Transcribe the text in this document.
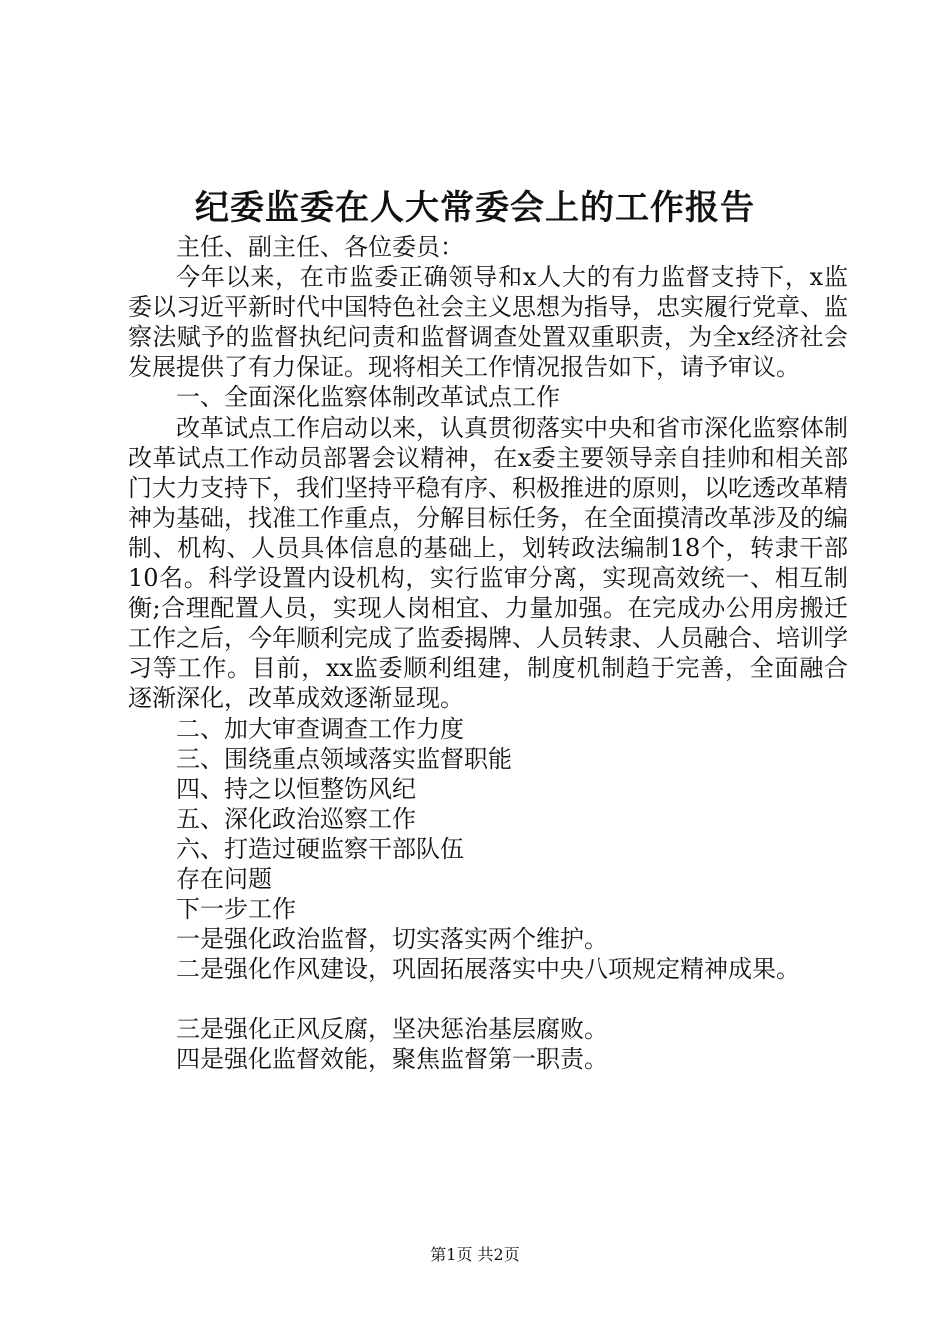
纪委监委在人大常委会上的工作报告

主任、副主任、各位委员：

今年以来，在市监委正确领导和x人大的有力监督支持下，x监委以习近平新时代中国特色社会主义思想为指导，忠实履行党章、监察法赋予的监督执纪问责和监督调查处置双重职责，为全x经济社会发展提供了有力保证。现将相关工作情况报告如下，请予审议。

一、全面深化监察体制改革试点工作

改革试点工作启动以来，认真贯彻落实中央和省市深化监察体制改革试点工作动员部署会议精神，在x委主要领导亲自挂帅和相关部门大力支持下，我们坚持平稳有序、积极推进的原则，以吃透改革精神为基础，找准工作重点，分解目标任务，在全面摸清改革涉及的编制、机构、人员具体信息的基础上，划转政法编制18个，转隶干部10名。科学设置内设机构，实行监审分离，实现高效统一、相互制衡;合理配置人员，实现人岗相宜、力量加强。在完成办公用房搬迁工作之后，今年顺利完成了监委揭牌、人员转隶、人员融合、培训学习等工作。目前，xx监委顺利组建，制度机制趋于完善，全面融合逐渐深化，改革成效逐渐显现。

二、加大审查调查工作力度

三、围绕重点领域落实监督职能

四、持之以恒整饬风纪

五、深化政治巡察工作

六、打造过硬监察干部队伍

存在问题

下一步工作

一是强化政治监督，切实落实两个维护。

二是强化作风建设，巩固拓展落实中央八项规定精神成果。

三是强化正风反腐，坚决惩治基层腐败。

四是强化监督效能，聚焦监督第一职责。

第1页 共2页
